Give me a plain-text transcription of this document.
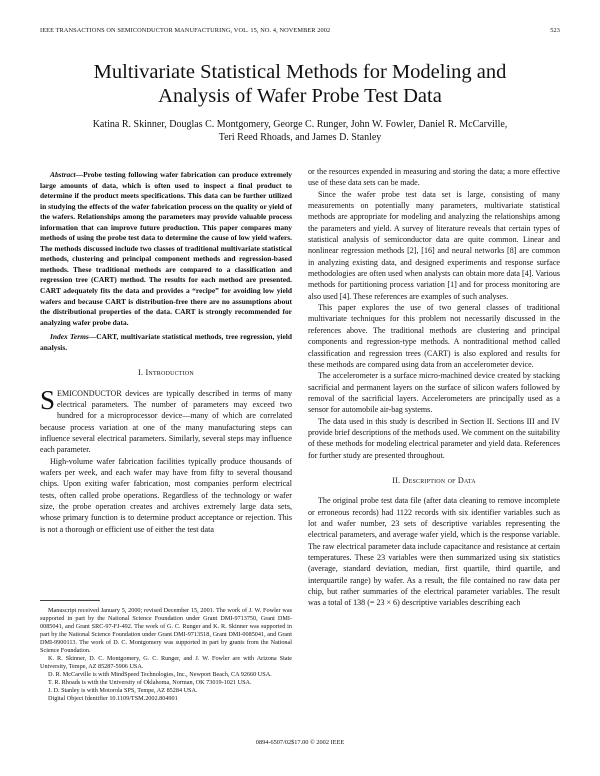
IEEE TRANSACTIONS ON SEMICONDUCTOR MANUFACTURING, VOL. 15, NO. 4, NOVEMBER 2002	523
Multivariate Statistical Methods for Modeling and
Analysis of Wafer Probe Test Data
Katina R. Skinner, Douglas C. Montgomery, George C. Runger, John W. Fowler, Daniel R. McCarville,
Teri Reed Rhoads, and James D. Stanley

Abstract—Probe testing following wafer fabrication can produce extremely large amounts of data, which is often used to inspect a final product to determine if the product meets specifications. This data can be further utilized in studying the effects of the wafer fabrication process on the quality or yield of the wafers. Relationships among the parameters may provide valuable process information that can improve future production. This paper compares many methods of using the probe test data to determine the cause of low yield wafers. The methods discussed include two classes of traditional multivariate statistical methods, clustering and principal component methods and regression-based methods. These traditional methods are compared to a classification and regression tree (CART) method. The results for each method are presented. CART adequately fits the data and provides a “recipe” for avoiding low yield wafers and because CART is distribution-free there are no assumptions about the distributional properties of the data. CART is strongly recommended for analyzing wafer probe data.

Index Terms—CART, multivariate statistical methods, tree regression, yield analysis.

I. Introduction

SEMICONDUCTOR devices are typically described in terms of many electrical parameters. The number of parameters may exceed two hundred for a microprocessor device—many of which are correlated because process variation at one of the many manufacturing steps can influence several electrical parameters. Similarly, several steps may influence each parameter.

High-volume wafer fabrication facilities typically produce thousands of wafers per week, and each wafer may have from fifty to several thousand chips. Upon exiting wafer fabrication, most companies perform electrical tests, often called probe operations. Regardless of the technology or wafer size, the probe operation creates and archives extremely large data sets, whose primary function is to determine product acceptance or rejection. This is not a thorough or efficient use of either the test data

Manuscript received January 5, 2000; revised December 15, 2001. The work of J. W. Fowler was supported in part by the National Science Foundation under Grant DMI-9713750, Grant DMI-0085041, and Grant SRC-97-FJ-492. The work of G. C. Runger and K. R. Skinner was supported in part by the National Science Foundation under Grant DMI-9713518, Grant DMI-0085041, and Grant DMI-9900113. The work of D. C. Montgomery was supported in part by grants from the National Science Foundation.

K. R. Skinner, D. C. Montgomery, G. C. Runger, and J. W. Fowler are with Arizona State University, Tempe, AZ 85287-5906 USA.

D. R. McCarville is with MindSpeed Technologies, Inc., Newport Beach, CA 92660 USA.

T. R. Rhoads is with the University of Oklahoma, Norman, OK 73019-1021 USA.

J. D. Stanley is with Motorola SPS, Tempe, AZ 85284 USA.

Digital Object Identifier 10.1109/TSM.2002.804901

or the resources expended in measuring and storing the data; a more effective use of these data sets can be made.

Since the wafer probe test data set is large, consisting of many measurements on potentially many parameters, multivariate statistical methods are appropriate for modeling and analyzing the relationships among the parameters and yield. A survey of literature reveals that certain types of statistical analysis of semiconductor data are quite common. Linear and nonlinear regression methods [2], [16] and neural networks [8] are common in analyzing existing data, and designed experiments and response surface methodologies are often used when analysts can obtain more data [4]. Various methods for partitioning process variation [1] and for process monitoring are also used [4]. These references are examples of such analyses.

This paper explores the use of two general classes of traditional multivariate techniques for this problem not necessarily discussed in the references above. The traditional methods are clustering and principal components and regression-type methods. A nontraditional method called classification and regression trees (CART) is also explored and results for these methods are compared using data from an accelerometer device.

The accelerometer is a surface micro-machined device created by stacking sacrificial and permanent layers on the surface of silicon wafers followed by removal of the sacrificial layers. Accelerometers are principally used as a sensor for automobile air-bag systems.

The data used in this study is described in Section II. Sections III and IV provide brief descriptions of the methods used. We comment on the suitability of these methods for modeling electrical parameter and yield data. References for further study are presented throughout.

II. Description of Data

The original probe test data file (after data cleaning to remove incomplete or erroneous records) had 1122 records with six identifier variables such as lot and wafer number, 23 sets of descriptive variables representing the electrical parameters, and average wafer yield, which is the response variable. The raw electrical parameter data include capacitance and resistance at certain temperatures. These 23 variables were then summarized using six statistics (average, standard deviation, median, first quartile, third quartile, and interquartile range) by wafer. As a result, the file contained no raw data per chip, but rather summaries of the electrical parameter variables. The result was a total of 138 (= 23 × 6) descriptive variables describing each

0894-6507/02$17.00 © 2002 IEEE
